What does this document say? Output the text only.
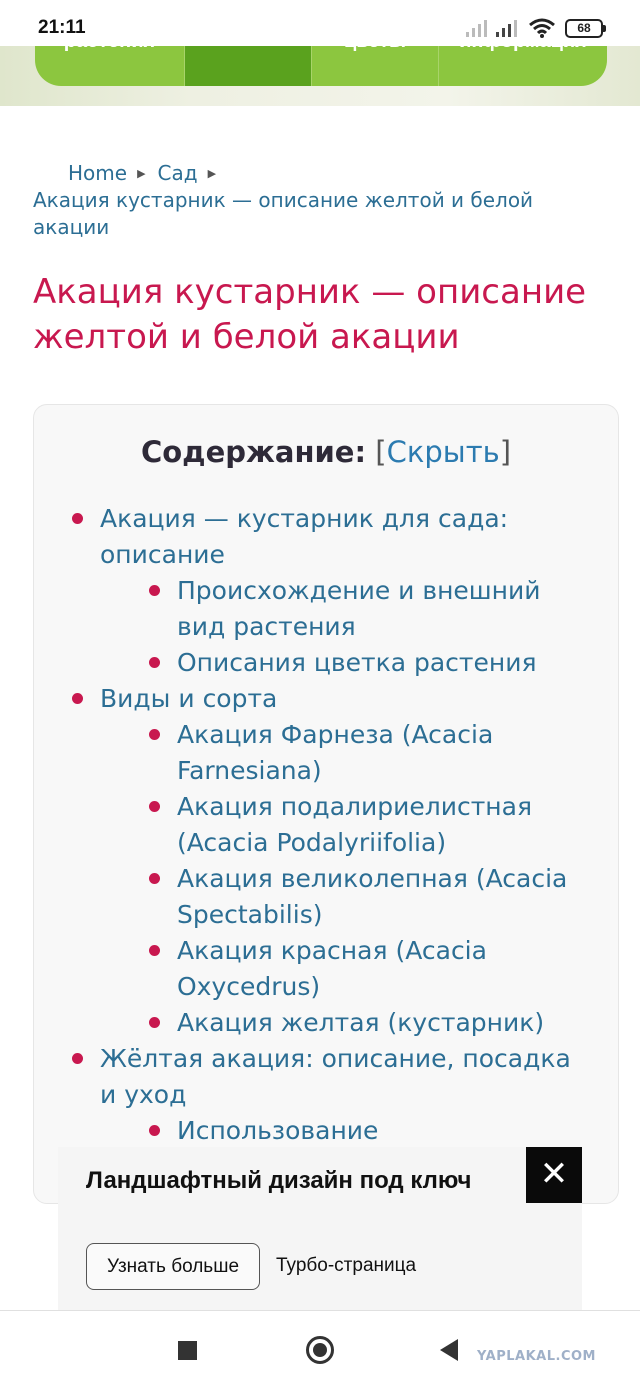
21:11	68
Home ▶ Сад ▶
Акация кустарник — описание желтой и белой акации
Акация кустарник — описание желтой и белой акации
Содержание: [Скрыть]
Акация — кустарник для сада: описание
Происхождение и внешний вид растения
Описания цветка растения
Виды и сорта
Акация Фарнеза (Acacia Farnesiana)
Акация подалириелистная (Acacia Podalyriifolia)
Акация великолепная (Acacia Spectabilis)
Акация красная (Acacia Oxycedrus)
Акация желтая (кустарник)
Жёлтая акация: описание, посадка и уход
Использование
Ландшафтный дизайн под ключ	✕
Узнать больше	Турбо-страница
YAPLAKAL.COM
